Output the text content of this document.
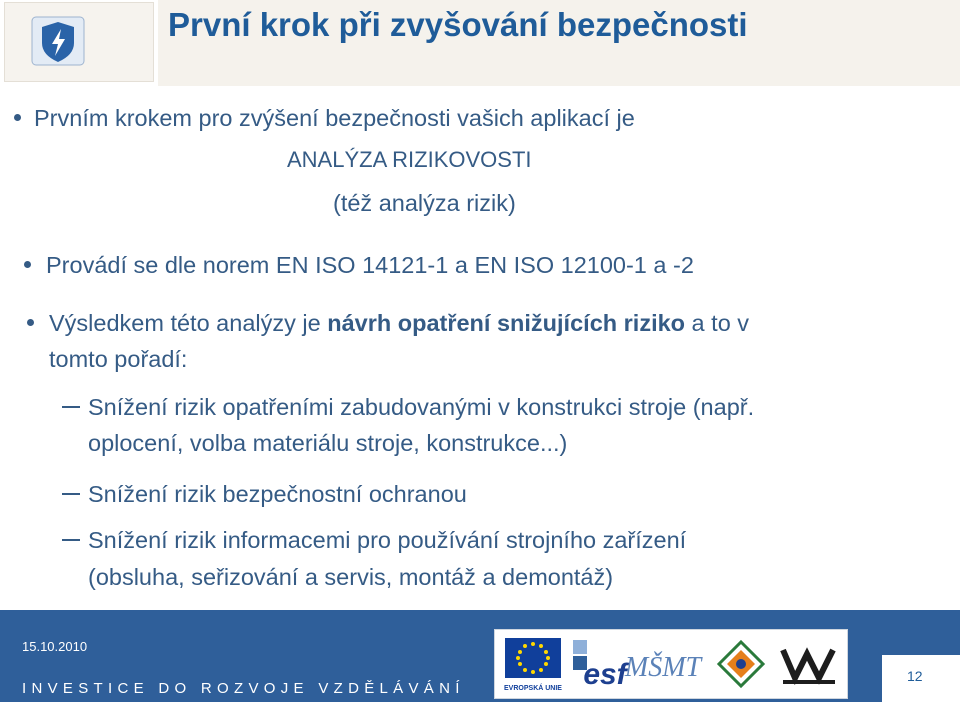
První krok při zvyšování bezpečnosti
Prvním krokem pro zvýšení bezpečnosti vašich aplikací je
ANALÝZA RIZIKOVOSTI
(též analýza rizik)
Provádí se dle norem EN ISO 14121-1 a EN ISO 12100-1 a -2
Výsledkem této analýzy je návrh opatření snižujících riziko a to v
tomto pořadí:
Snížení rizik opatřeními zabudovanými v konstrukci stroje (např.
oplocení, volba materiálu stroje, konstrukce...)
Snížení rizik bezpečnostní ochranou
Snížení rizik informacemi pro používání strojního zařízení
(obsluha, seřizování a servis, montáž a demontáž)
15.10.2010
INVESTICE DO ROZVOJE VZDĚLÁVÁNÍ	EVROPSKÁ UNIE esf
MŠMT	12
